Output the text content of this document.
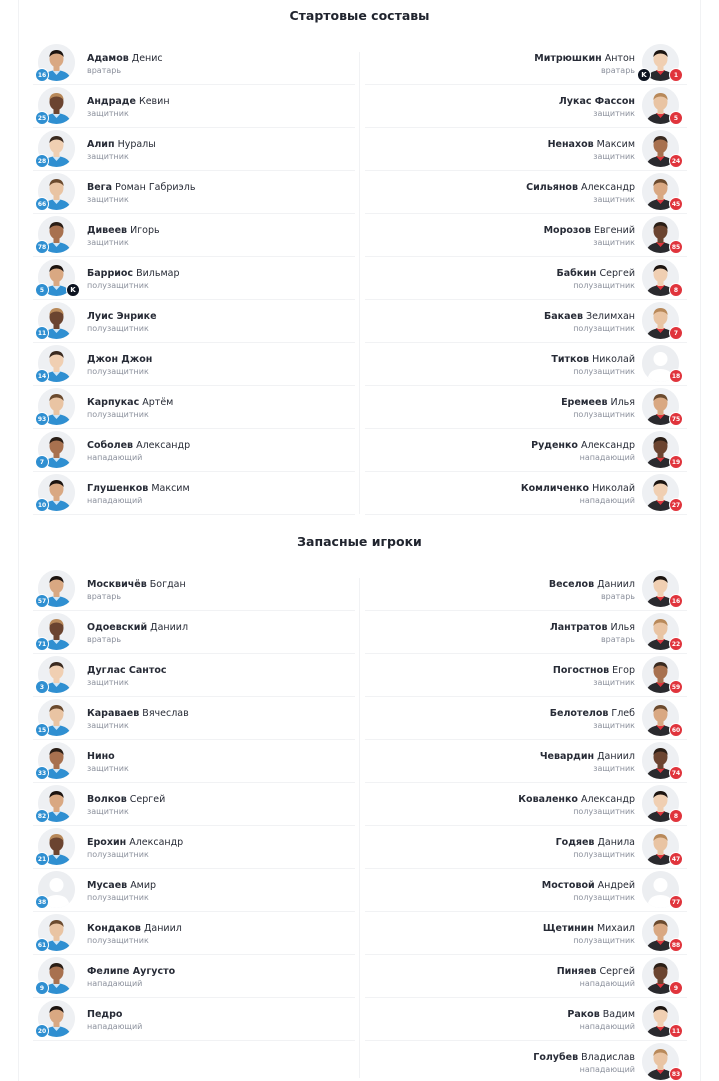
Стартовые составы
16
Адамов Денис
вратарь
25
Андраде Кевин
защитник
28
Алип Нуралы
защитник
66
Вега Роман Габриэль
защитник
78
Дивеев Игорь
защитник
5	K
Барриос Вильмар
полузащитник
11
Луис Энрике
полузащитник
14
Джон Джон
полузащитник
93
Карпукас Артём
полузащитник
7
Соболев Александр
нападающий
10
Глушенков Максим
нападающий
1
K
Митрюшкин Антон
вратарь
5
Лукас Фассон
защитник
24
Ненахов Максим
защитник
45
Сильянов Александр
защитник
85
Морозов Евгений
защитник
8
Бабкин Сергей
полузащитник
7
Бакаев Зелимхан
полузащитник
18
Титков Николай
полузащитник
75
Еремеев Илья
полузащитник
19
Руденко Александр
нападающий
27
Комличенко Николай
нападающий
Запасные игроки
57
Москвичёв Богдан
вратарь
71
Одоевский Даниил
вратарь
3
Дуглас Сантос
защитник
15
Караваев Вячеслав
защитник
33
Нино
защитник
82
Волков Сергей
защитник
21
Ерохин Александр
полузащитник
38
Мусаев Амир
полузащитник
61
Кондаков Даниил
полузащитник
9
Фелипе Аугусто
нападающий
20
Педро
нападающий
16
Веселов Даниил
вратарь
22
Лантратов Илья
вратарь
59
Погостнов Егор
защитник
60
Белотелов Глеб
защитник
74
Чевардин Даниил
защитник
8
Коваленко Александр
полузащитник
47
Годяев Данила
полузащитник
77
Мостовой Андрей
полузащитник
88
Щетинин Михаил
полузащитник
9
Пиняев Сергей
нападающий
11
Раков Вадим
нападающий
83
Голубев Владислав
нападающий
